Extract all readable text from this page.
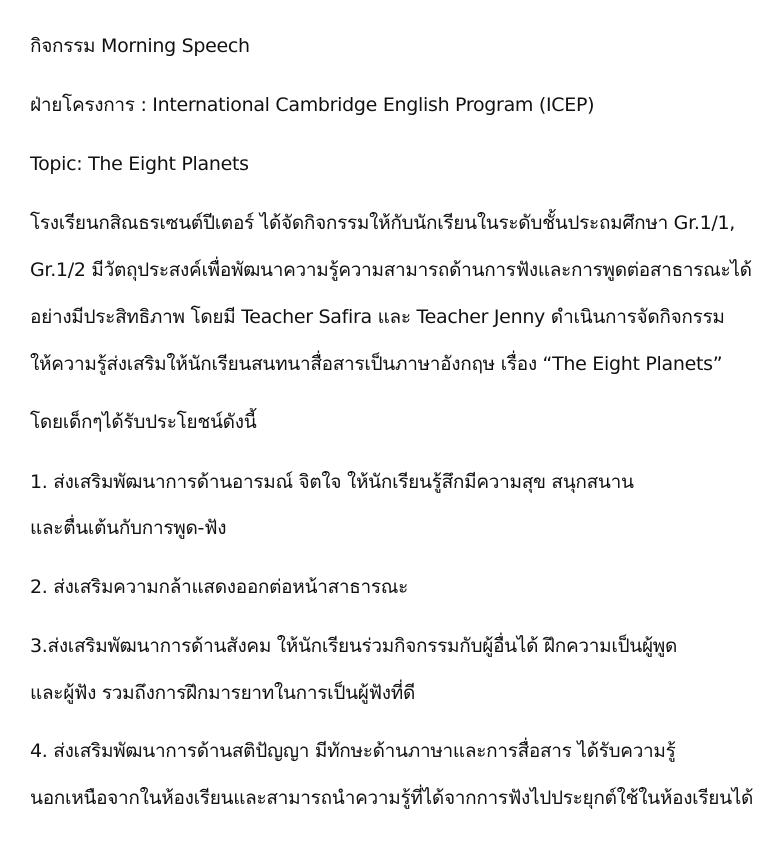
กิจกรรม Morning Speech
ฝ่ายโครงการ : International Cambridge English Program (ICEP)
Topic: The Eight Planets
โรงเรียนกสิณธรเซนต์ปีเตอร์ ได้จัดกิจกรรมให้กับนักเรียนในระดับชั้นประถมศึกษา Gr.1/1,
Gr.1/2 มีวัตถุประสงค์เพื่อพัฒนาความรู้ความสามารถด้านการฟังและการพูดต่อสาธารณะได้
อย่างมีประสิทธิภาพ โดยมี Teacher Safira และ Teacher Jenny ดำเนินการจัดกิจกรรม
ให้ความรู้ส่งเสริมให้นักเรียนสนทนาสื่อสารเป็นภาษาอังกฤษ เรื่อง “The Eight Planets”
โดยเด็กๆได้รับประโยชน์ดังนี้
1. ส่งเสริมพัฒนาการด้านอารมณ์ จิตใจ ให้นักเรียนรู้สึกมีความสุข สนุกสนาน
และตื่นเต้นกับการพูด-ฟัง
2. ส่งเสริมความกล้าแสดงออกต่อหน้าสาธารณะ
3.ส่งเสริมพัฒนาการด้านสังคม ให้นักเรียนร่วมกิจกรรมกับผู้อื่นได้ ฝึกความเป็นผู้พูด
และผู้ฟัง รวมถึงการฝึกมารยาทในการเป็นผู้ฟังที่ดี
4. ส่งเสริมพัฒนาการด้านสติปัญญา มีทักษะด้านภาษาและการสื่อสาร ได้รับความรู้
นอกเหนือจากในห้องเรียนและสามารถนำความรู้ที่ได้จากการฟังไปประยุกต์ใช้ในห้องเรียนได้
